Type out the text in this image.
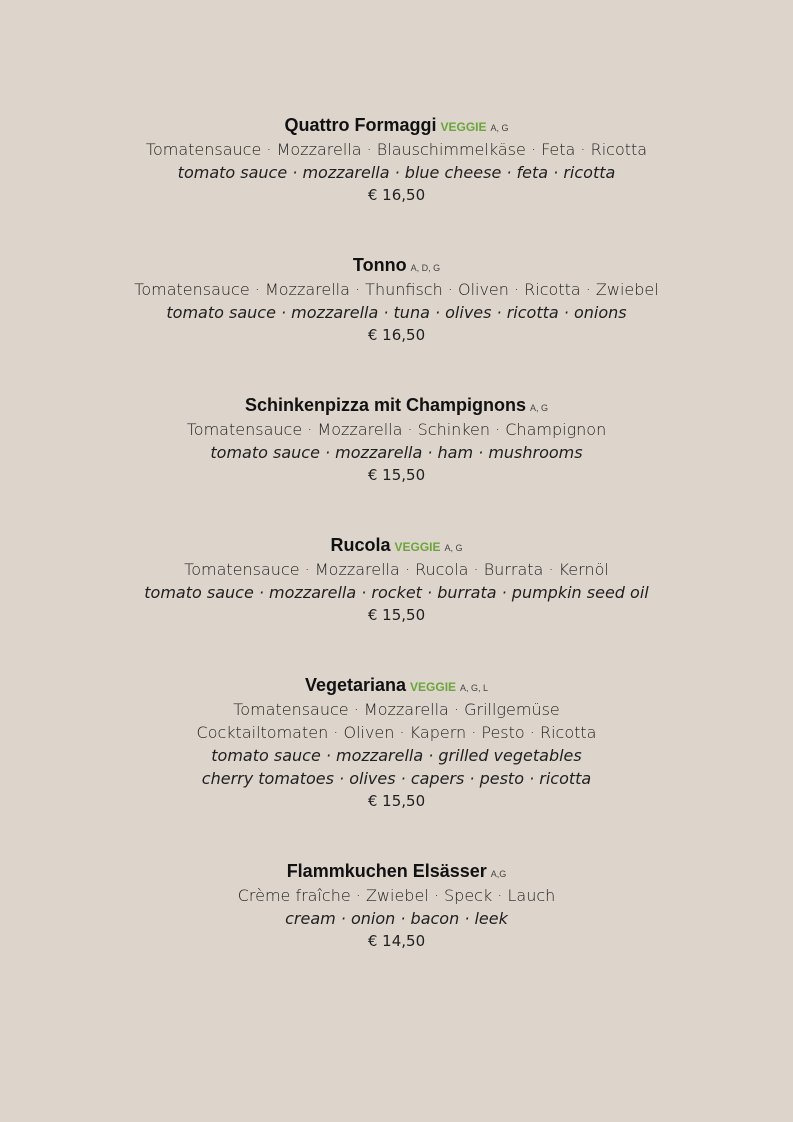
Quattro Formaggi VEGGIE A, G
Tomatensauce · Mozzarella · Blauschimmelkäse · Feta · Ricotta
tomato sauce · mozzarella · blue cheese · feta · ricotta
€ 16,50
Tonno A, D, G
Tomatensauce · Mozzarella · Thunfisch · Oliven · Ricotta · Zwiebel
tomato sauce · mozzarella · tuna · olives · ricotta · onions
€ 16,50
Schinkenpizza mit Champignons A, G
Tomatensauce · Mozzarella · Schinken · Champignon
tomato sauce · mozzarella · ham · mushrooms
€ 15,50
Rucola VEGGIE A, G
Tomatensauce · Mozzarella · Rucola · Burrata · Kernöl
tomato sauce · mozzarella · rocket · burrata · pumpkin seed oil
€ 15,50
Vegetariana VEGGIE A, G, L
Tomatensauce · Mozzarella · Grillgemüse
Cocktailtomaten · Oliven · Kapern · Pesto · Ricotta
tomato sauce · mozzarella · grilled vegetables
cherry tomatoes · olives · capers · pesto · ricotta
€ 15,50
Flammkuchen Elsässer A,G
Crème fraîche · Zwiebel · Speck · Lauch
cream · onion · bacon · leek
€ 14,50
